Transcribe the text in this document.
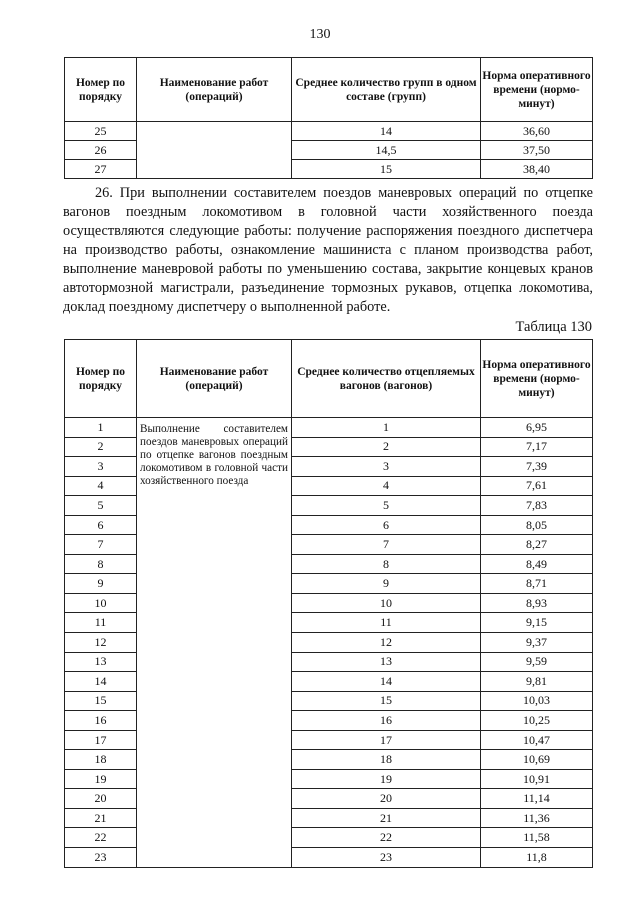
130
Номер по порядку	Наименование работ (операций)	Среднее количество групп в одном составе (групп)	Норма оперативного времени (нормо-минут)
25		14	36,60
26		14,5	37,50
27		15	38,40
26. При выполнении составителем поездов маневровых операций по отцепке вагонов поездным локомотивом в головной части хозяйственного поезда осуществляются следующие работы: получение распоряжения поездного диспетчера на производство работы, ознакомление машиниста с планом производства работ, выполнение маневровой работы по уменьшению состава, закрытие концевых кранов автотормозной магистрали, разъединение тормозных рукавов, отцепка локомотива, доклад поездному диспетчеру о выполненной работе.
Таблица 130
Номер по порядку	Наименование работ (операций)	Среднее количество отцепляемых вагонов (вагонов)	Норма оперативного времени (нормо-минут)
1	Выполнение составителем поездов маневровых операций по отцепке вагонов поездным локомотивом в головной части хозяйственного поезда	1	6,95
2		2	7,17
3		3	7,39
4		4	7,61
5		5	7,83
6		6	8,05
7		7	8,27
8		8	8,49
9		9	8,71
10		10	8,93
11		11	9,15
12		12	9,37
13		13	9,59
14		14	9,81
15		15	10,03
16		16	10,25
17		17	10,47
18		18	10,69
19		19	10,91
20		20	11,14
21		21	11,36
22		22	11,58
23		23	11,8
